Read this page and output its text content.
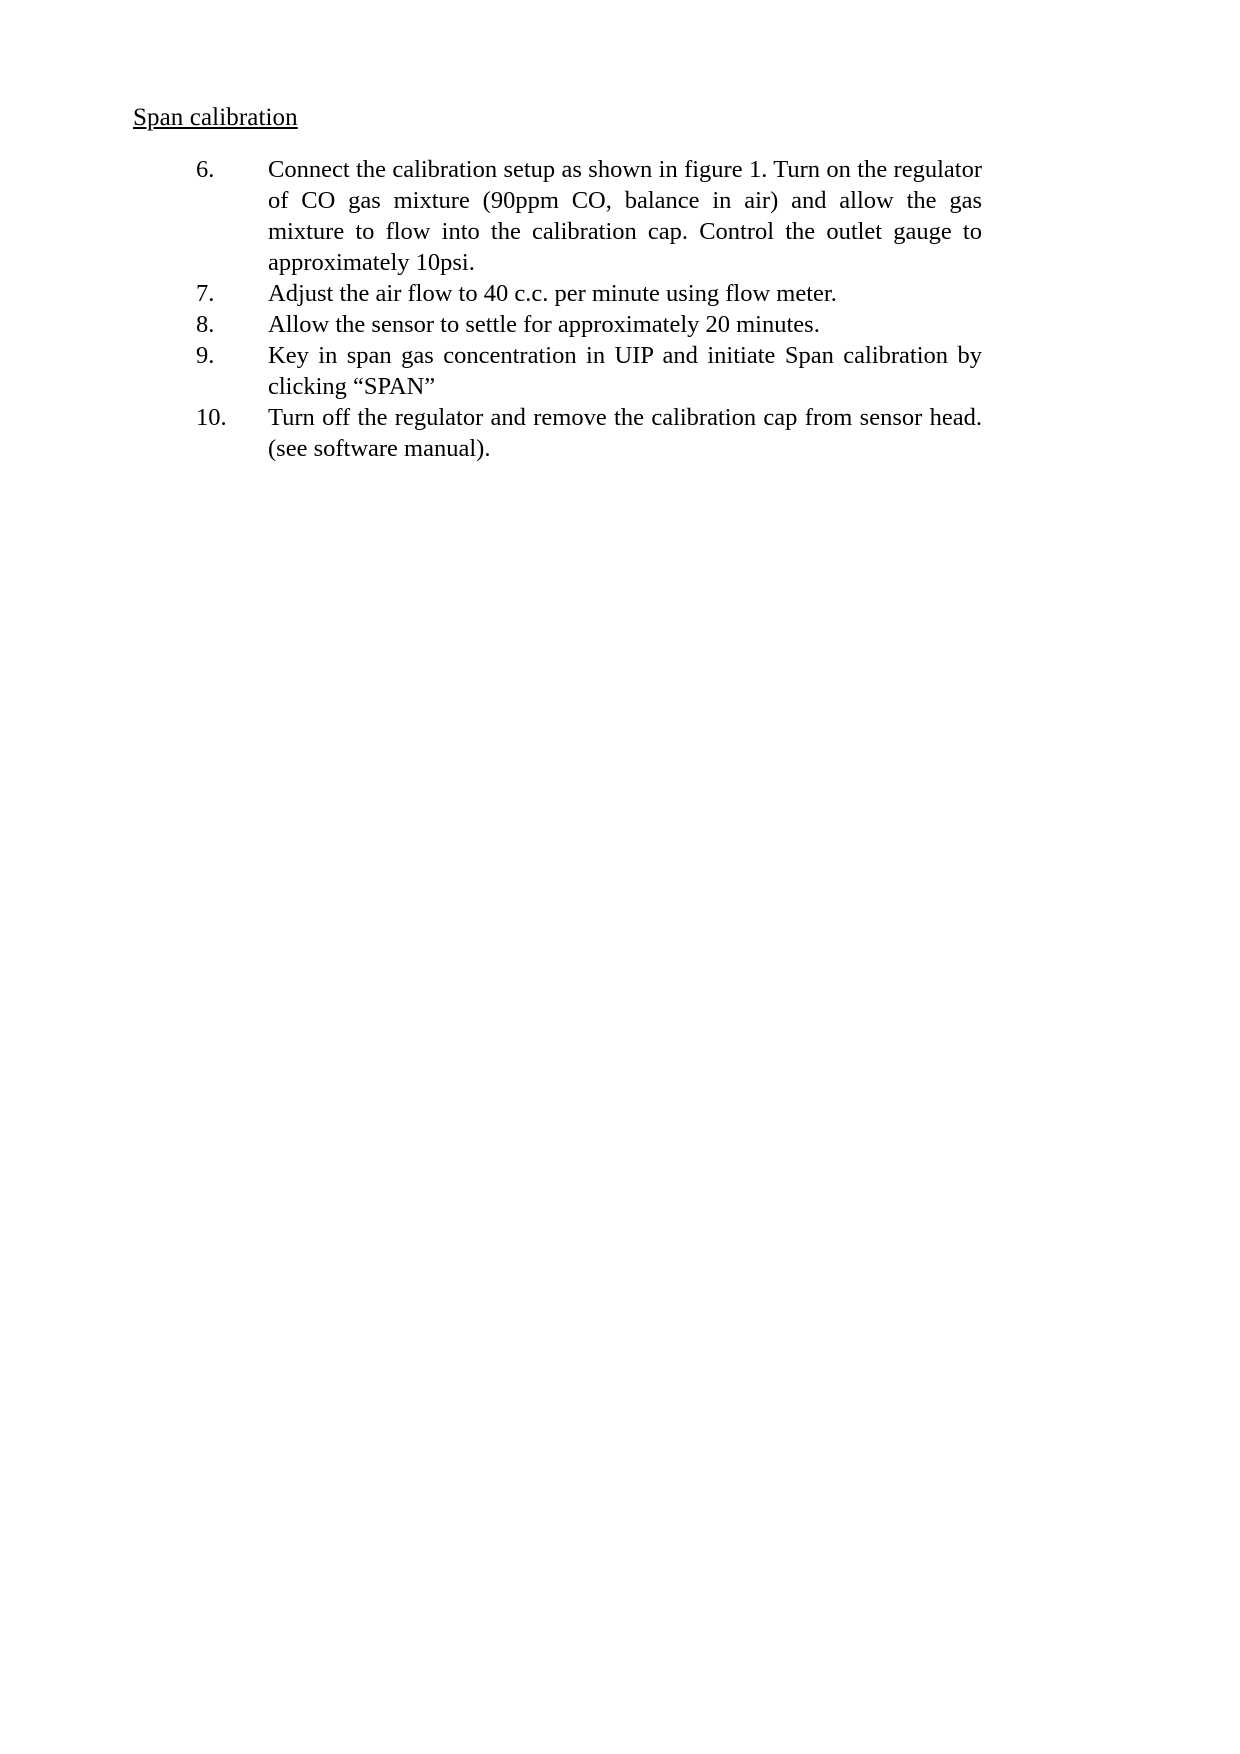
Span calibration
6.	Connect the calibration setup as shown in figure 1. Turn on the regulator of CO gas mixture (90ppm CO, balance in air) and allow the gas mixture to flow into the calibration cap. Control the outlet gauge to approximately 10psi.
7.	Adjust the air flow to 40 c.c. per minute using flow meter.
8.	Allow the sensor to settle for approximately 20 minutes.
9.	Key in span gas concentration in UIP and initiate Span calibration by clicking “SPAN”
10.	Turn off the regulator and remove the calibration cap from sensor head. (see software manual).
